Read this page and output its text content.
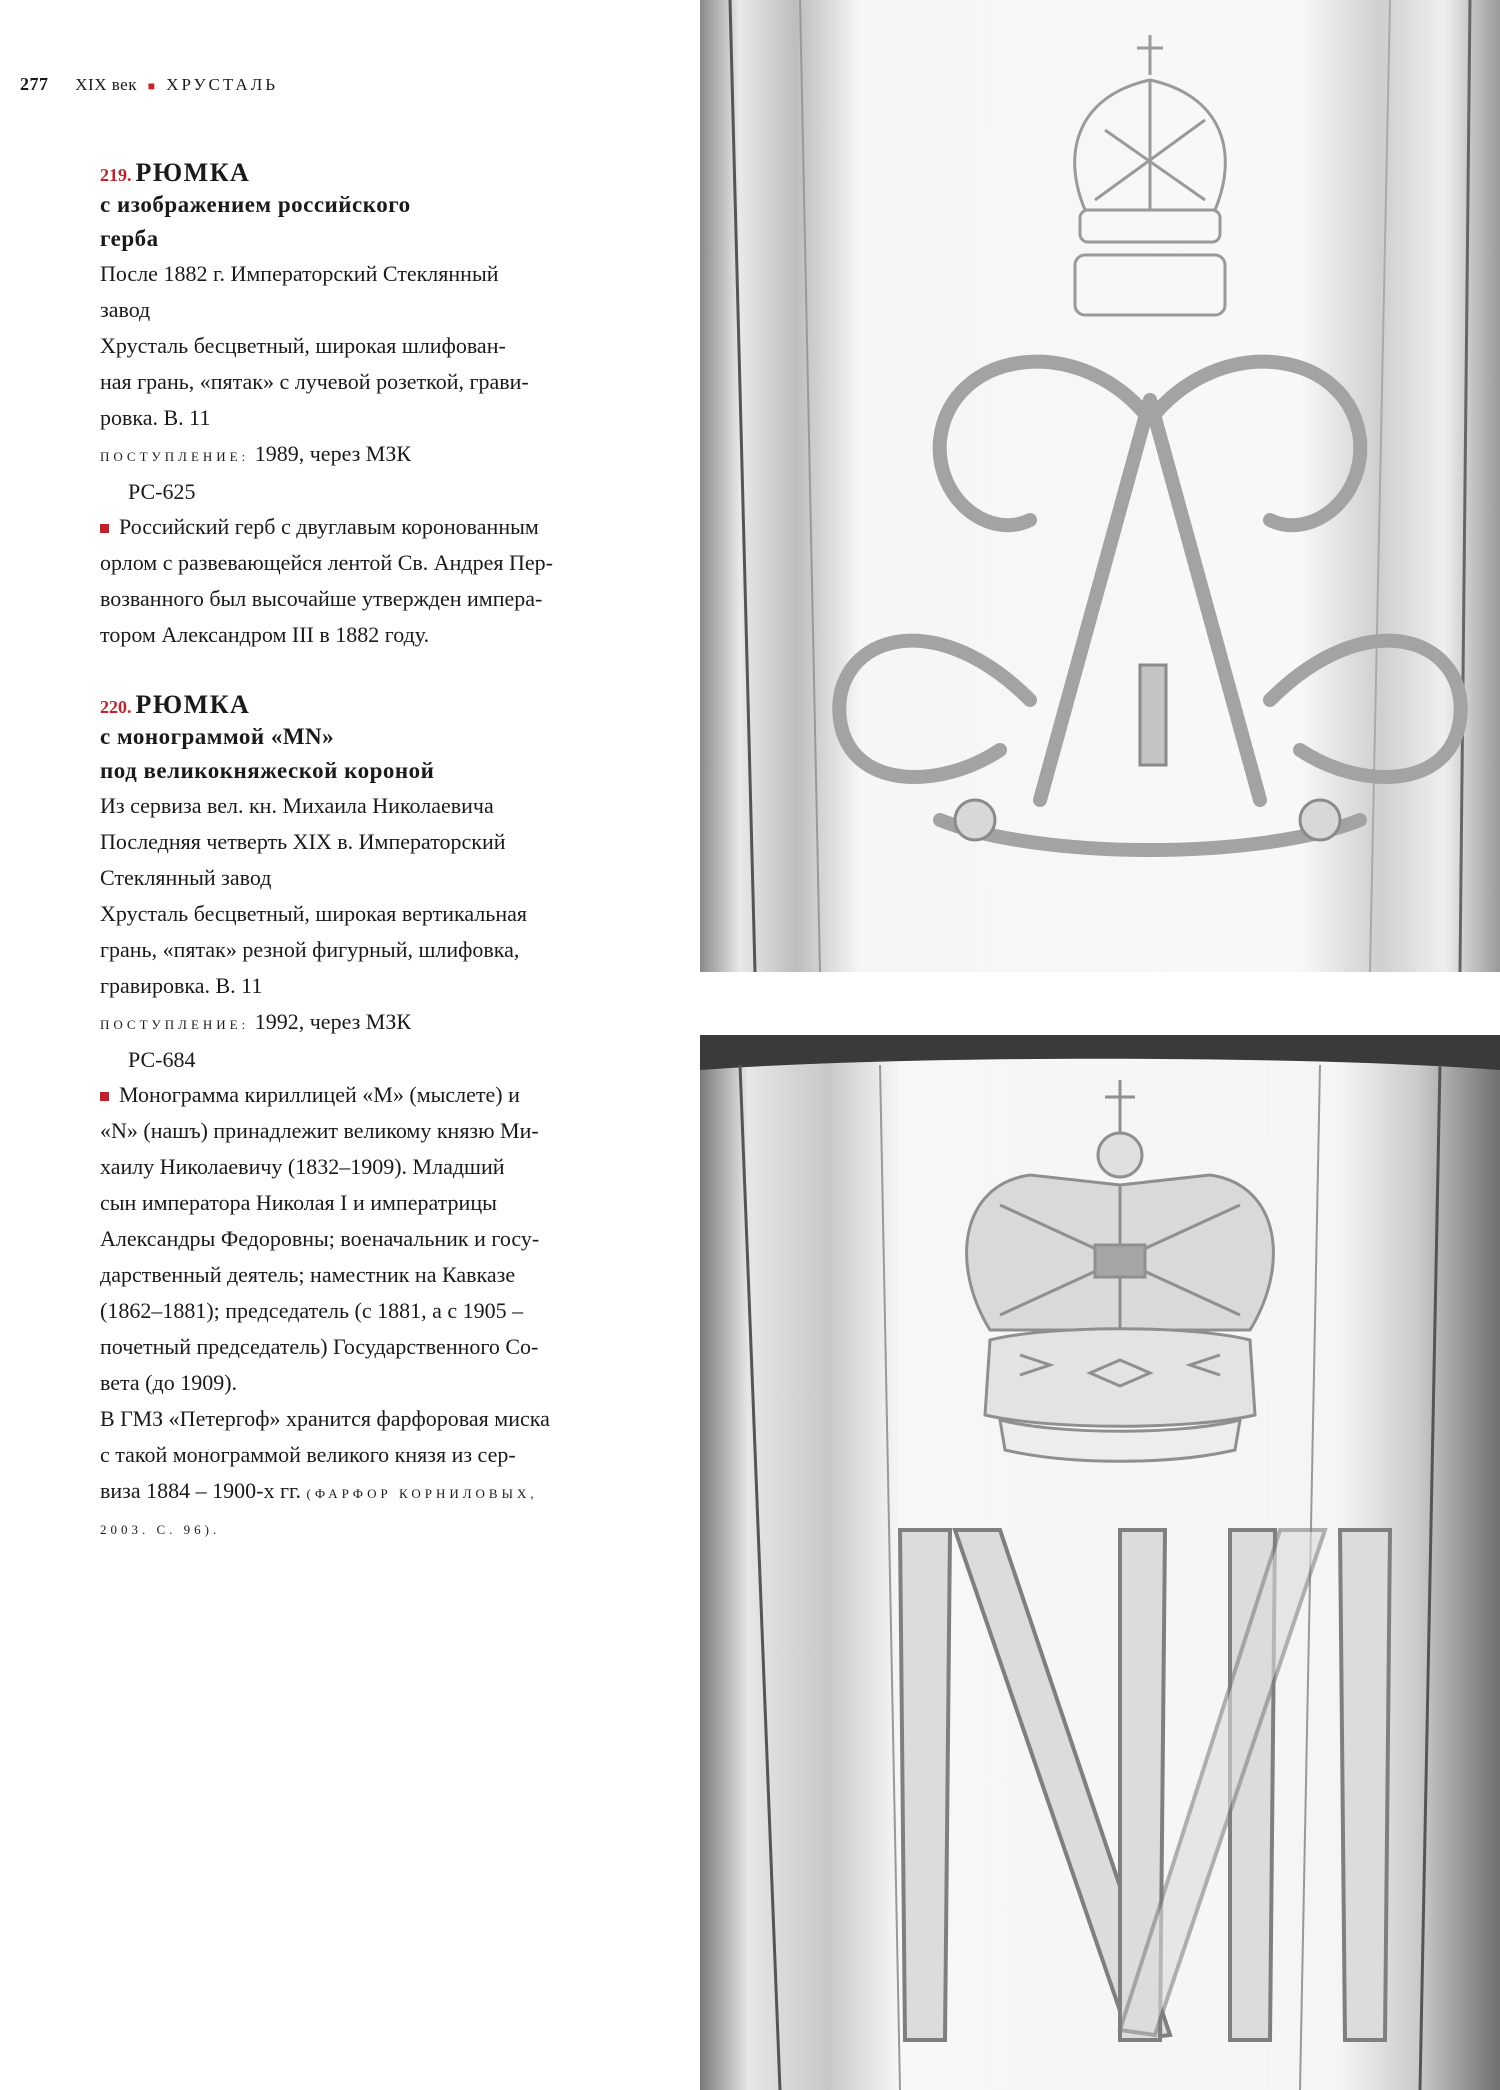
277 XIX век ■ ХРУСТАЛЬ
219. РЮМКА
с изображением российского
герба
После 1882 г. Императорский Стеклянный
завод
Хрусталь бесцветный, широкая шлифован-
ная грань, «пятак» с лучевой розеткой, грави-
ровка. В. 11
ПОСТУПЛЕНИЕ: 1989, через МЗК
РС-625
Российский герб с двуглавым коронованным
орлом с развевающейся лентой Св. Андрея Пер-
возванного был высочайше утвержден импера-
тором Александром III в 1882 году.
220. РЮМКА
с монограммой «MN»
под великокняжеской короной
Из сервиза вел. кн. Михаила Николаевича
Последняя четверть XIX в. Императорский
Стеклянный завод
Хрусталь бесцветный, широкая вертикальная
грань, «пятак» резной фигурный, шлифовка,
гравировка. В. 11
ПОСТУПЛЕНИЕ: 1992, через МЗК
РС-684
Монограмма кириллицей «М» (мыслете) и
«N» (нашъ) принадлежит великому князю Ми-
хаилу Николаевичу (1832–1909). Младший
сын императора Николая I и императрицы
Александры Федоровны; военачальник и госу-
дарственный деятель; наместник на Кавказе
(1862–1881); председатель (с 1881, а с 1905 –
почетный председатель) Государственного Со-
вета (до 1909).
В ГМЗ «Петергоф» хранится фарфоровая миска
с такой монограммой великого князя из сер-
виза 1884 – 1900-х гг. (ФАРФОР КОРНИЛОВЫХ,
2003. С. 96).
